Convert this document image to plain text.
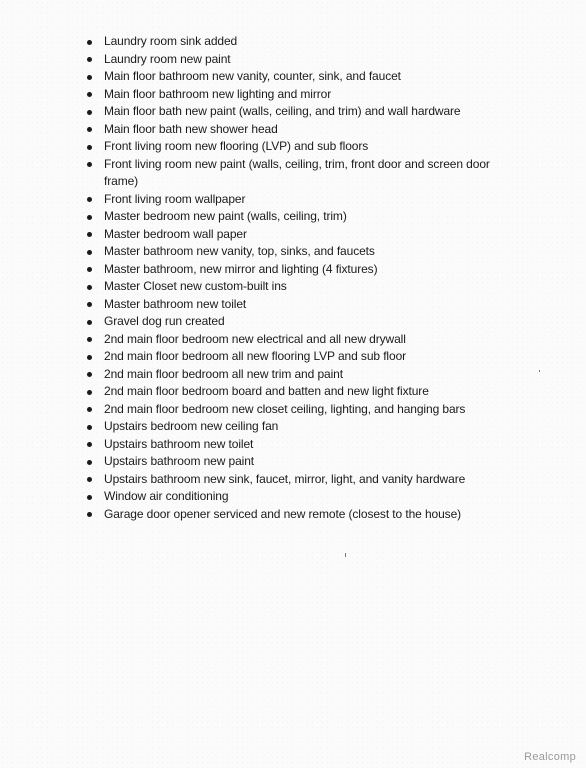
Laundry room sink added
Laundry room new paint
Main floor bathroom new vanity, counter, sink, and faucet
Main floor bathroom new lighting and mirror
Main floor bath new paint (walls, ceiling, and trim) and wall hardware
Main floor bath new shower head
Front living room new flooring (LVP) and sub floors
Front living room new paint (walls, ceiling, trim, front door and screen door frame)
Front living room wallpaper
Master bedroom new paint (walls, ceiling, trim)
Master bedroom wall paper
Master bathroom new vanity, top, sinks, and faucets
Master bathroom, new mirror and lighting (4 fixtures)
Master Closet new custom-built ins
Master bathroom new toilet
Gravel dog run created
2nd main floor bedroom new electrical and all new drywall
2nd main floor bedroom all new flooring LVP and sub floor
2nd main floor bedroom all new trim and paint
2nd main floor bedroom board and batten and new light fixture
2nd main floor bedroom new closet ceiling, lighting, and hanging bars
Upstairs bedroom new ceiling fan
Upstairs bathroom new toilet
Upstairs bathroom new paint
Upstairs bathroom new sink, faucet, mirror, light, and vanity hardware
Window air conditioning
Garage door opener serviced and new remote (closest to the house)
Realcomp
